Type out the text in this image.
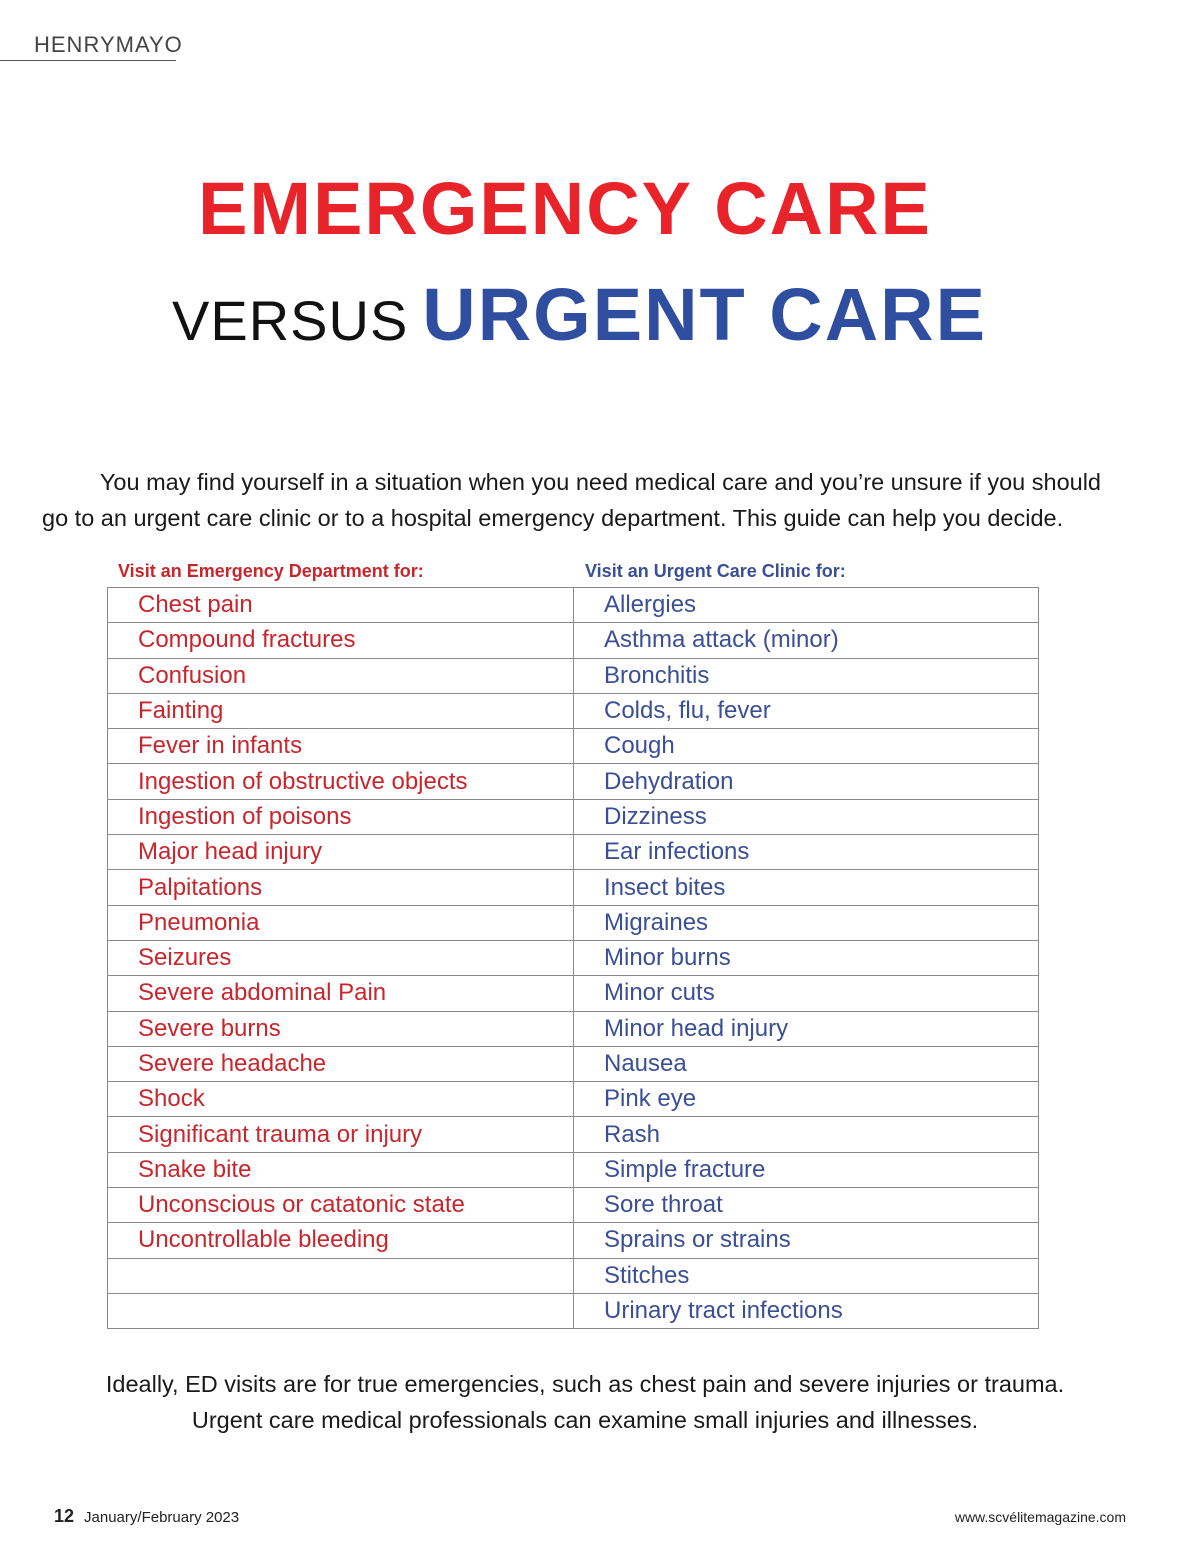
HENRYMAYO
EMERGENCY CARE
VERSUS URGENT CARE

You may find yourself in a situation when you need medical care and you’re unsure if you should

go to an urgent care clinic or to a hospital emergency department. This guide can help you decide.

Visit an Emergency Department for:	Visit an Urgent Care Clinic for:
Chest pain	Allergies
Compound fractures	Asthma attack (minor)
Confusion	Bronchitis
Fainting	Colds, flu, fever
Fever in infants	Cough
Ingestion of obstructive objects	Dehydration
Ingestion of poisons	Dizziness
Major head injury	Ear infections
Palpitations	Insect bites
Pneumonia	Migraines
Seizures	Minor burns
Severe abdominal Pain	Minor cuts
Severe burns	Minor head injury
Severe headache	Nausea
Shock	Pink eye
Significant trauma or injury	Rash
Snake bite	Simple fracture
Unconscious or catatonic state	Sore throat
Uncontrollable bleeding	Sprains or strains
	Stitches
	Urinary tract infections

Ideally, ED visits are for true emergencies, such as chest pain and severe injuries or trauma.

Urgent care medical professionals can examine small injuries and illnesses.

12 January/February 2023	www.scvélitemagazine.com
